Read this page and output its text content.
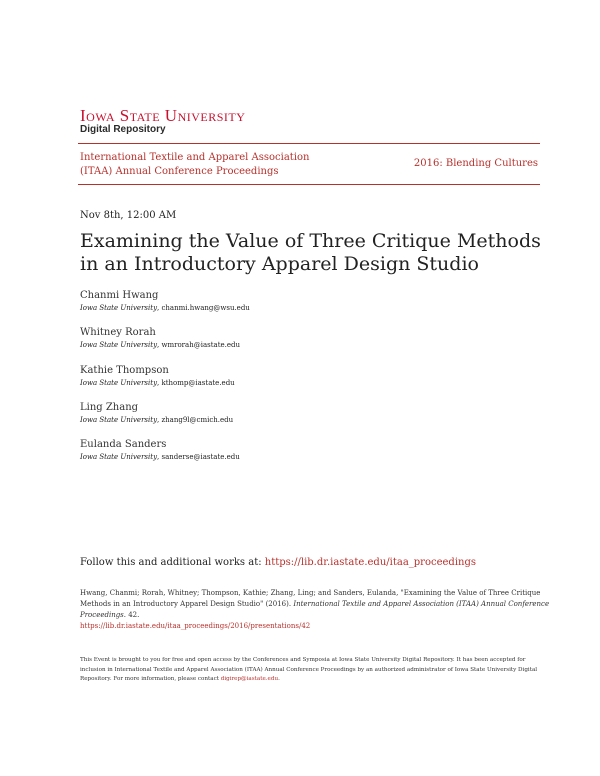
Iowa State University
Digital Repository
International Textile and Apparel Association
(ITAA) Annual Conference Proceedings
2016: Blending Cultures
Nov 8th, 12:00 AM
Examining the Value of Three Critique Methods in an Introductory Apparel Design Studio
Chanmi Hwang
Iowa State University, chanmi.hwang@wsu.edu
Whitney Rorah
Iowa State University, wmrorah@iastate.edu
Kathie Thompson
Iowa State University, kthomp@iastate.edu
Ling Zhang
Iowa State University, zhang9l@cmich.edu
Eulanda Sanders
Iowa State University, sanderse@iastate.edu
Follow this and additional works at: https://lib.dr.iastate.edu/itaa_proceedings
Hwang, Chanmi; Rorah, Whitney; Thompson, Kathie; Zhang, Ling; and Sanders, Eulanda, "Examining the Value of Three Critique Methods in an Introductory Apparel Design Studio" (2016). International Textile and Apparel Association (ITAA) Annual Conference Proceedings. 42.
https://lib.dr.iastate.edu/itaa_proceedings/2016/presentations/42
This Event is brought to you for free and open access by the Conferences and Symposia at Iowa State University Digital Repository. It has been accepted for inclusion in International Textile and Apparel Association (ITAA) Annual Conference Proceedings by an authorized administrator of Iowa State University Digital Repository. For more information, please contact digirep@iastate.edu.
